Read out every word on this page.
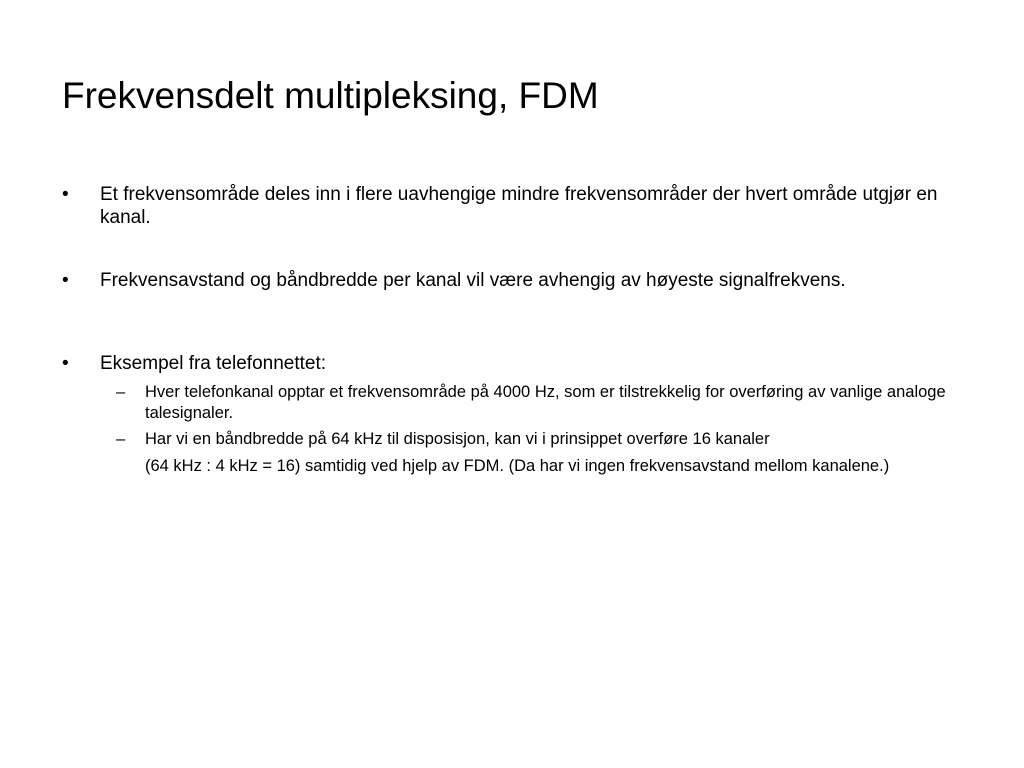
Frekvensdelt multipleksing, FDM
• Et frekvensområde deles inn i flere uavhengige mindre frekvensområder der hvert område utgjør en kanal.
• Frekvensavstand og båndbredde per kanal vil være avhengig av høyeste signalfrekvens.
• Eksempel fra telefonnettet:
– Hver telefonkanal opptar et frekvensområde på 4000 Hz, som er tilstrekkelig for overføring av vanlige analoge talesignaler.
– Har vi en båndbredde på 64 kHz til disposisjon, kan vi i prinsippet overføre 16 kanaler
(64 kHz : 4 kHz = 16) samtidig ved hjelp av FDM. (Da har vi ingen frekvensavstand mellom kanalene.)
